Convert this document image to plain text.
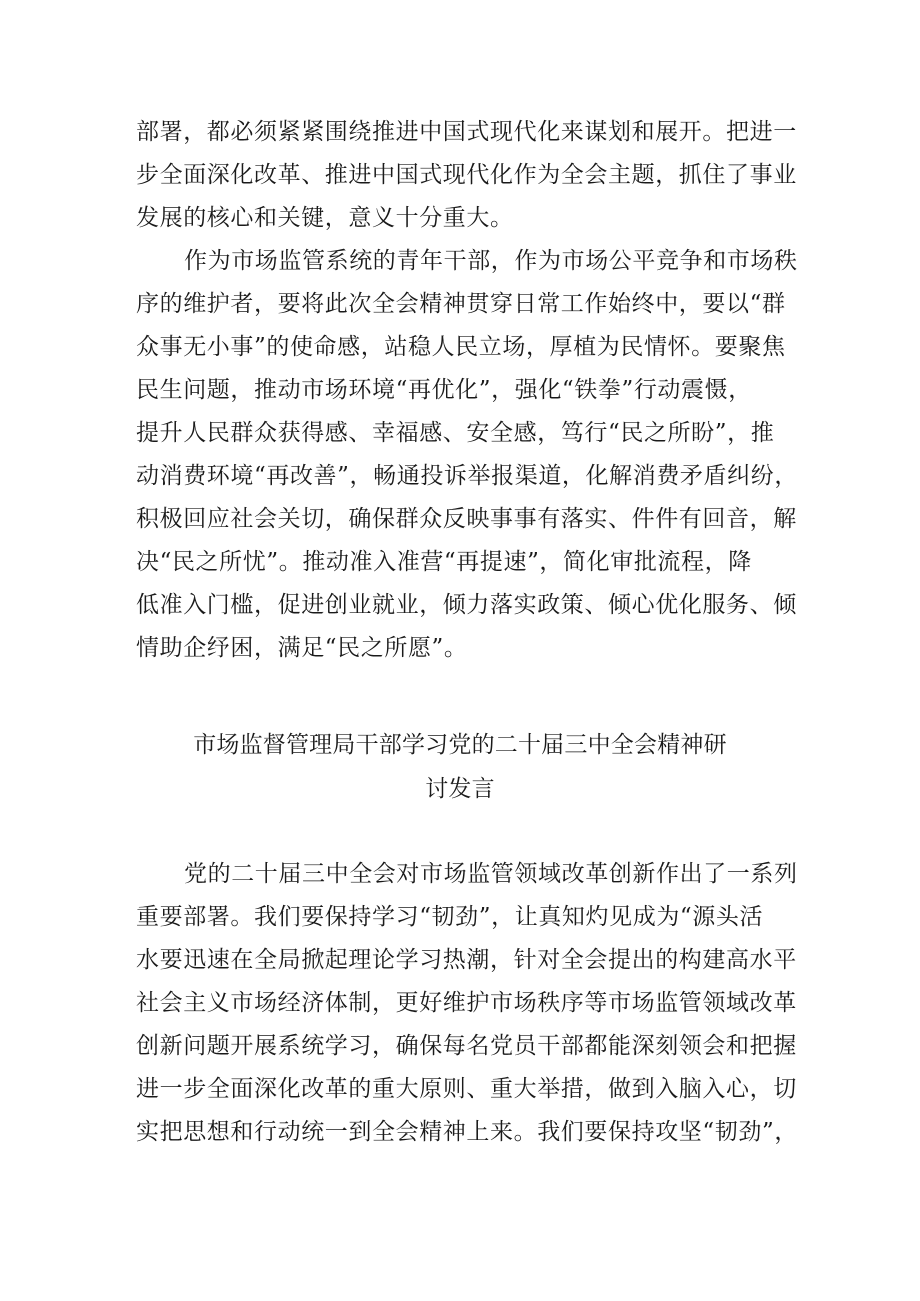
部署，都必须紧紧围绕推进中国式现代化来谋划和展开。把进一
步全面深化改革、推进中国式现代化作为全会主题，抓住了事业
发展的核心和关键，意义十分重大。
作为市场监管系统的青年干部，作为市场公平竞争和市场秩
序的维护者，要将此次全会精神贯穿日常工作始终中，要以“群
众事无小事”的使命感，站稳人民立场，厚植为民情怀。要聚焦
民生问题，推动市场环境“再优化”，强化“铁拳”行动震慑，
提升人民群众获得感、幸福感、安全感，笃行“民之所盼”，推
动消费环境“再改善”，畅通投诉举报渠道，化解消费矛盾纠纷，
积极回应社会关切，确保群众反映事事有落实、件件有回音，解
决“民之所忧”。推动准入准营“再提速”，简化审批流程，降
低准入门槛，促进创业就业，倾力落实政策、倾心优化服务、倾
情助企纾困，满足“民之所愿”。
市场监督管理局干部学习党的二十届三中全会精神研
讨发言
党的二十届三中全会对市场监管领域改革创新作出了一系列
重要部署。我们要保持学习“韧劲”，让真知灼见成为“源头活
水要迅速在全局掀起理论学习热潮，针对全会提出的构建高水平
社会主义市场经济体制，更好维护市场秩序等市场监管领域改革
创新问题开展系统学习，确保每名党员干部都能深刻领会和把握
进一步全面深化改革的重大原则、重大举措，做到入脑入心，切
实把思想和行动统一到全会精神上来。我们要保持攻坚“韧劲”，
